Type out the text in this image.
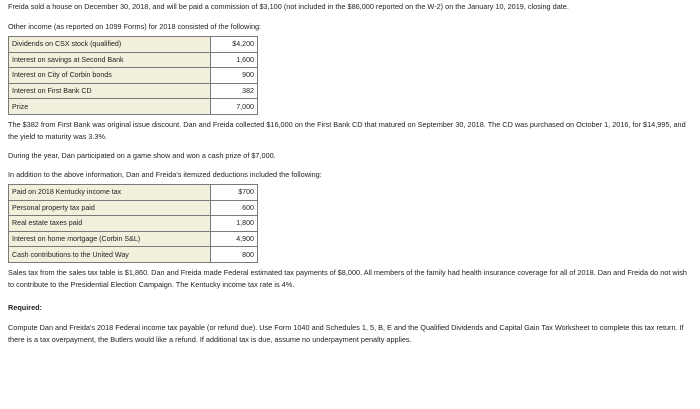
Freida sold a house on December 30, 2018, and will be paid a commission of $3,100 (not included in the $86,000 reported on the W-2) on the January 10, 2019, closing date.

Other income (as reported on 1099 Forms) for 2018 consisted of the following:

Dividends on CSX stock (qualified)	$4,200
Interest on savings at Second Bank	1,600
Interest on City of Corbin bonds	900
Interest on First Bank CD	382
Prize	7,000

The $382 from First Bank was original issue discount. Dan and Freida collected $16,000 on the First Bank CD that matured on September 30, 2018. The CD was purchased on October 1, 2016, for $14,995, and the yield to maturity was 3.3%.

During the year, Dan participated on a game show and won a cash prize of $7,000.

In addition to the above information, Dan and Freida's itemized deductions included the following:

Paid on 2018 Kentucky income tax	$700
Personal property tax paid	600
Real estate taxes paid	1,800
Interest on home mortgage (Corbin S&L)	4,900
Cash contributions to the United Way	800

Sales tax from the sales tax table is $1,860. Dan and Freida made Federal estimated tax payments of $8,000. All members of the family had health insurance coverage for all of 2018. Dan and Freida do not wish to contribute to the Presidential Election Campaign. The Kentucky income tax rate is 4%.

Required:

Compute Dan and Freida's 2018 Federal income tax payable (or refund due). Use Form 1040 and Schedules 1, 5, B, E and the Qualified Dividends and Capital Gain Tax Worksheet to complete this tax return. If there is a tax overpayment, the Butlers would like a refund. If additional tax is due, assume no underpayment penalty applies.
